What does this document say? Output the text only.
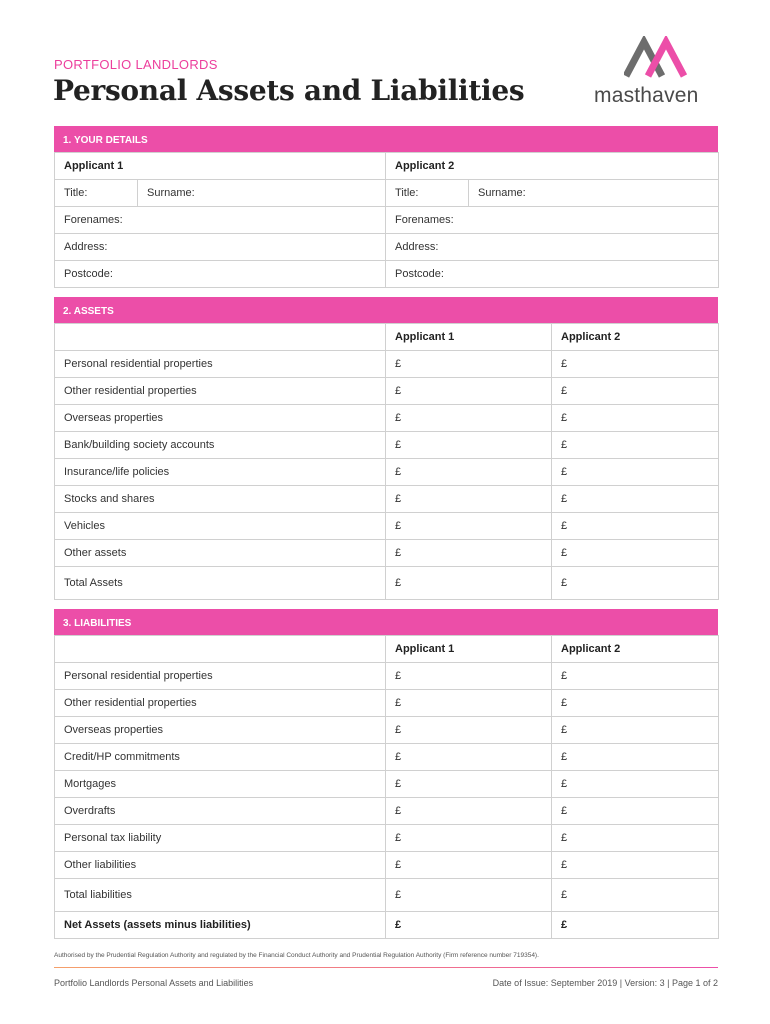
PORTFOLIO LANDLORDS
Personal Assets and Liabilities	masthaven
1. YOUR DETAILS
Applicant 1		Applicant 2	
Title:	Surname:	Title:	Surname:
Forenames:		Forenames:	
Address:		Address:	
Postcode:		Postcode:	
2. ASSETS
	Applicant 1	Applicant 2
Personal residential properties	£	£
Other residential properties	£	£
Overseas properties	£	£
Bank/building society accounts	£	£
Insurance/life policies	£	£
Stocks and shares	£	£
Vehicles	£	£
Other assets	£	£
Total Assets	£	£
3. LIABILITIES
	Applicant 1	Applicant 2
Personal residential properties	£	£
Other residential properties	£	£
Overseas properties	£	£
Credit/HP commitments	£	£
Mortgages	£	£
Overdrafts	£	£
Personal tax liability	£	£
Other liabilities	£	£
Total liabilities	£	£
Net Assets (assets minus liabilities)	£	£
Authorised by the Prudential Regulation Authority and regulated by the Financial Conduct Authority and Prudential Regulation Authority (Firm reference number 719354).
Portfolio Landlords Personal Assets and Liabilities	Date of Issue: September 2019 | Version: 3 | Page 1 of 2
